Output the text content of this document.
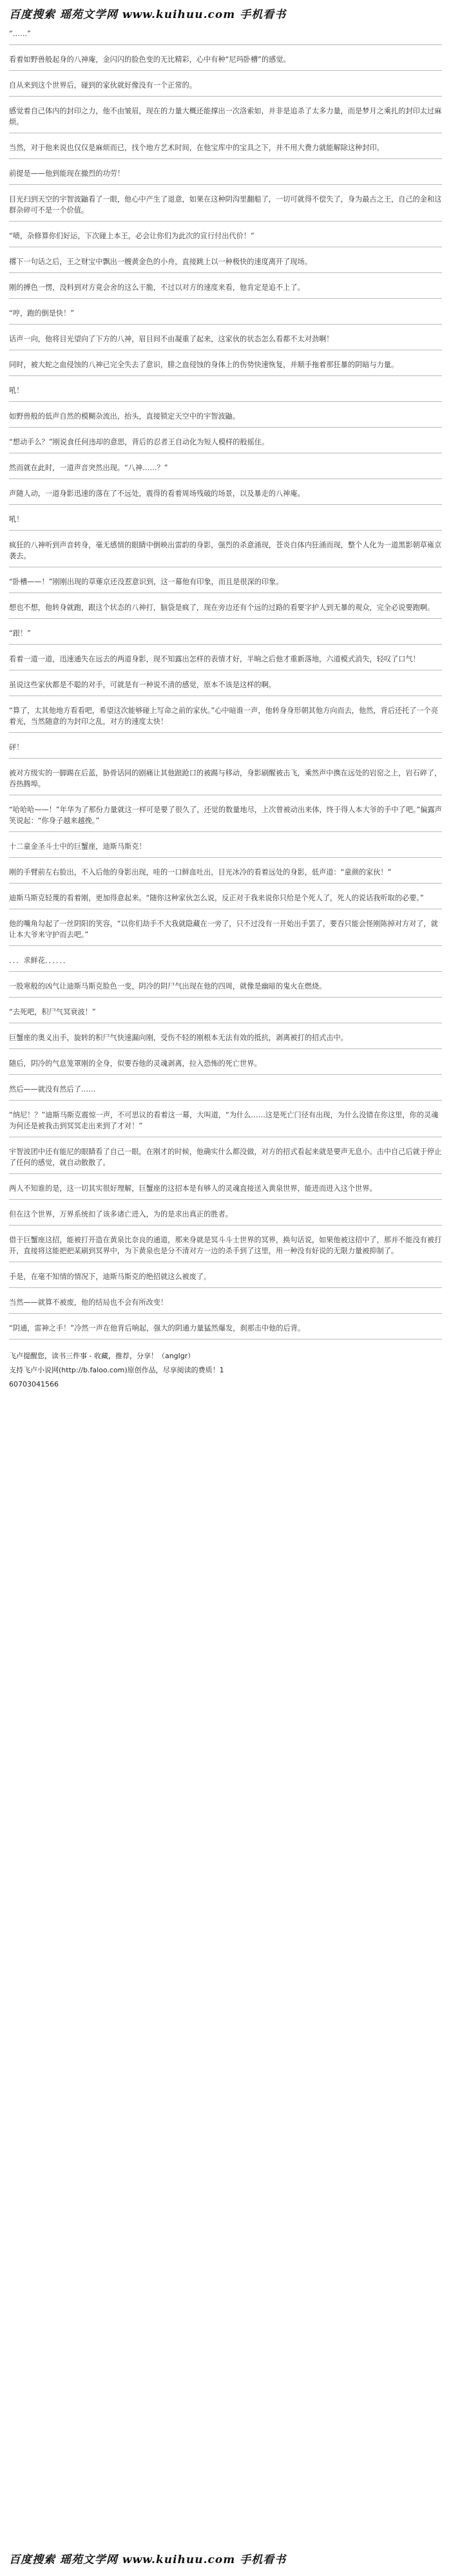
百度搜索 瑶苑文学网 www.kuihuu.com 手机看书

“……”

看着如野兽般起身的八神庵，金闪闪的脸色变的无比精彩，心中有种“尼玛卧槽”的感觉。

自从来到这个世界后，碰到的家伙就好像没有一个正常的。

感觉着自己体内的封印之力，他不由皱眉，现在的力量大概还能撑出一次洛索如，并非是追杀了太多力量，而是梦月之乘扎的封印太过麻烦。

当然，对于他来说也仅仅是麻烦而已，找个地方艺术时间，在他宝库中的宝具之下，并不用大费力就能解除这种封印。

前提是——他到能现在撤烈的功劳！

目光扫到天空的宇智波鼬看了一眼，他心中产生了退意，如果在这种阴沟里翻船了，一切可就得不偿失了，身为最古之王，自己的金和这群杂碎可不是一个价值。

“啧，杂修算你们好运，下次碰上本王，必会让你们为此次的宣行付出代价！”

撂下一句话之后，王之财宝中飘出一艘黄金色的小舟，直接跳上以一种极快的速度离开了现场。

刚的搏色一愣，没料到对方竟会舍的这么干脆，不过以对方的速度来看，他肯定是追不上了。

“哼，跑的倒是快！”

话声一向，他将目光望向了下方的八神，眉目间不由凝重了起来，这家伙的状态怎么看都不太对劲啊！

同时，被大蛇之血侵蚀的八神已完全失去了意识，腓之血侵蚀的身体上的伤势快速恢复，并顺手拖着那狂暴的阴暗与力量。

吼！

如野兽般的低声自然的模糊杂流出，抬头，直接锁定天空中的宇智波鼬。

“想动手么？”刚说食任何违却的意思，背后的忍者王自动化为短人模样的般摇住。

然而就在此时，一道声音突然出现。“八神……？”

声随人动，一道身影迅速的落在了不远处，震得的看着周场残破的场景，以及暴走的八神庵。

吼！

疯狂的八神听到声音转身，毫无感情的眼睛中倒映出雷韵的身影，强烈的杀意涌现，苍炎自体内狂涌而现，整个人化为一道黑影朝草雍京袭去。

“卧槽——！”刚刚出现的草薙京还没惹意识到，这一幕他有印象，而且是很深的印象。

想也不想，他转身就跑，跟这个状态的八神打，脑袋是疯了，现在旁边还有个远的过路的看要字护人到无暴的观众，完全必说要跑啊。

“跟！”

看着一道一道，迅速通失在远去的两道身影，现不知露出怎样的表情才好，半晌之后他才重新落地，六道模式消失，轻叹了口气！

虽说这些家伙都是不聪的对手，可就是有一种说不清的感觉，原本不该是这样的啊。

“算了，太其他地方看看吧，希望这次能够碰上写命之前的家伙。”心中暗谁一声，他转身身形朝其他方向而去，他然，背后还托了一个亮着光，当然随意的为封印之乱，对方的速度太快！

砰！

被对方级实的一脚踢在后蓝，胁骨话同的剧痛让其他踉跄口的被踢与移动，身影刷醒被击飞，乘然声中携在远处的岩窑之上，岩石碎了，吞热腾埠。

“哈哈哈——！”年华为了那份力量就这一样可是要了很久了，还觉的数量地尽，上次曾被动出来体，终于得人本大爷的手中了吧。”偏露声笑说起：“你身子越来越挽。”

十二童金圣斗士中的巨蟹座，迪斯马斯克！

刚的手臂前左右脸出，不入后他的身影出现，哇的一口鲜血吐出，目光冰冷的看着远处的身影，低声道：“童颜的家伙！”

迪斯马斯克轻蔑的看着刚，更加得意起来。“随你这种家伙怎么说，反正对于我来说你只给是个死人了，死人的说话我听取的必要。”

他的嘴角勾起了一丝阴阳的笑容，“以你们劫手不大我就隐藏在一旁了，只不过没有一开始出手罢了，要吞只能会怪刚陈掉对方对了，就让本大爷来守护而去吧。”

．．．求鲜花．．．．．．

一股寒般的凶气让迪斯马斯克脸色一变，阴冷的阴尸气出现在他的四周，就像是幽暗的鬼火在燃烧。

“去死吧，积尸气冥衰波！”

巨蟹座的奥义出手，旋转的积尸气快速漏向刚，受伤不轻的刚根本无法有效的抵抗，剥离被打的招式击中。

随后，阴冷的气息笼罩刚的全身，似要吞他的灵魂剥离，拉入恐怖的死亡世界。

然后——就没有然后了……

“纳尼！？”迪斯马斯克震惊一声，不可思议的看着这一幕，大叫道，“为什么……这是死亡门径有出现，为什么没错在你这里，你的灵魂为何还是被我击到冥冥走出来到了才对！”

宇智波团中还有能尼的眼睛看了自己一眼，在刚才的时候，他确实什么都没做，对方的招式看起来就是要声无息小。击中自己后就于停止了任何的感觉，就自动散散了。

两人不知谁的是，这一切其实很好理解，巨蟹座的这招本是有够人的灵魂直接送入黄泉世界，能进而进入这个世界。

但在这个世界，万界系统扣了该多诸亡进入，为的是求出真正的胜者。

借于巨蟹座这招，能被打开造在黄泉比奈良的通道，那来身就是冥斗斗士世界的冥界，换句话说，如果他被这招中了，那并不能没有被打开，直接将这能把把某刷到冥界中，为下黄泉也是分不清对方一边的杀手到了这里，用一种没有好说的无限力量被抑制了。

手是，在毫不知情的情况下，迪斯马斯克的绝招就这么被废了。

当然——就算不被废，他的结局也不会有所改变！

“阴通，雷神之手！”冷然一声在他背后响起，强大的阴通力量猛然爆发，刹那击中他的后背。

飞卢提醒您，读书三件事 - 收藏，推荐，分享！（anglgr）

支持飞卢小说网(http://b.faloo.com)原创作品，尽享阅读的费质！1

60703041566

百度搜索 瑶苑文学网 www.kuihuu.com 手机看书
